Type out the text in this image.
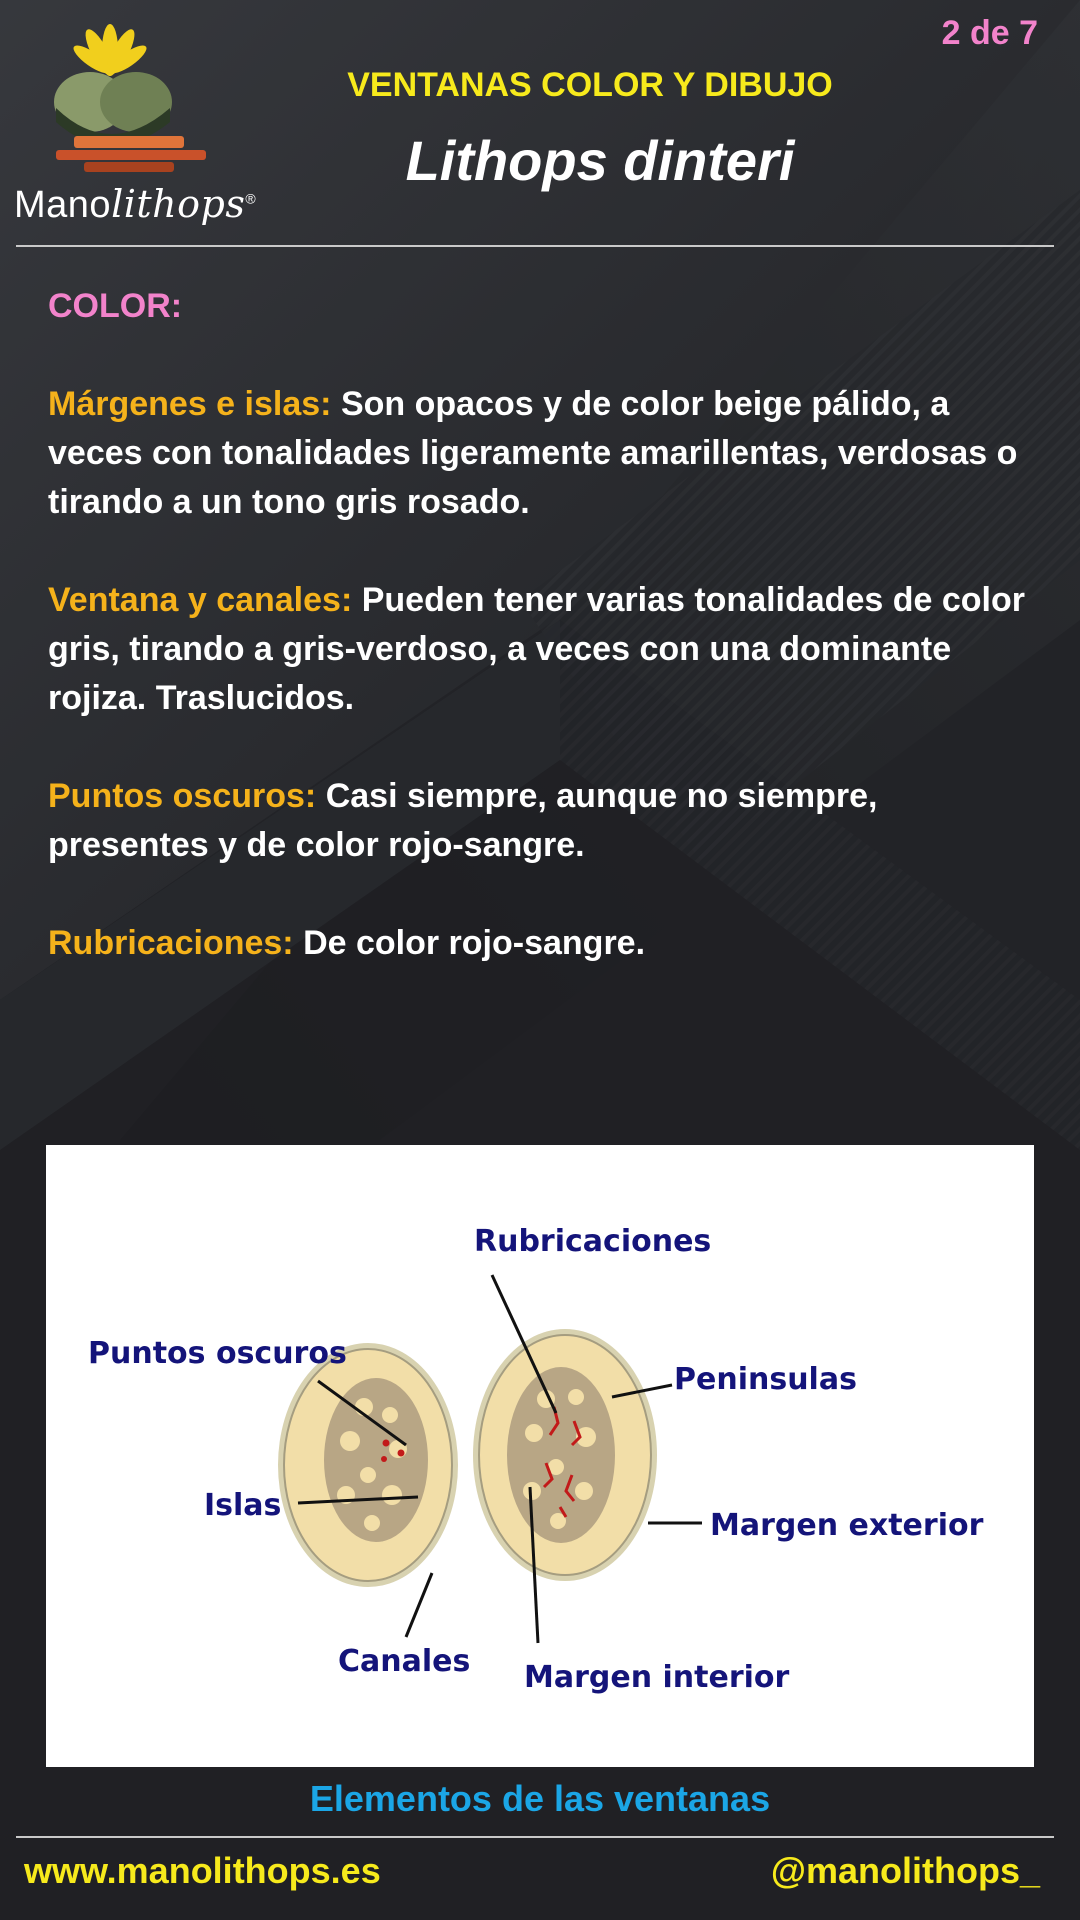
Manolithops®
2 de 7
VENTANAS COLOR Y DIBUJO
Lithops dinteri
COLOR:
Márgenes e islas: Son opacos y de color beige pálido, a veces con tonalidades ligeramente amarillentas, verdosas o tirando a un tono gris rosado.
Ventana y canales: Pueden tener varias tonalidades de color gris, tirando a gris-verdoso, a veces con una dominante rojiza. Traslucidos.
Puntos oscuros: Casi siempre, aunque no siempre, presentes y de color rojo-sangre.
Rubricaciones: De color rojo-sangre.
Rubricaciones
Puntos oscuros
Peninsulas
Islas
Margen exterior
Canales Margen interior
Elementos de las ventanas
www.manolithops.es	@manolithops_
